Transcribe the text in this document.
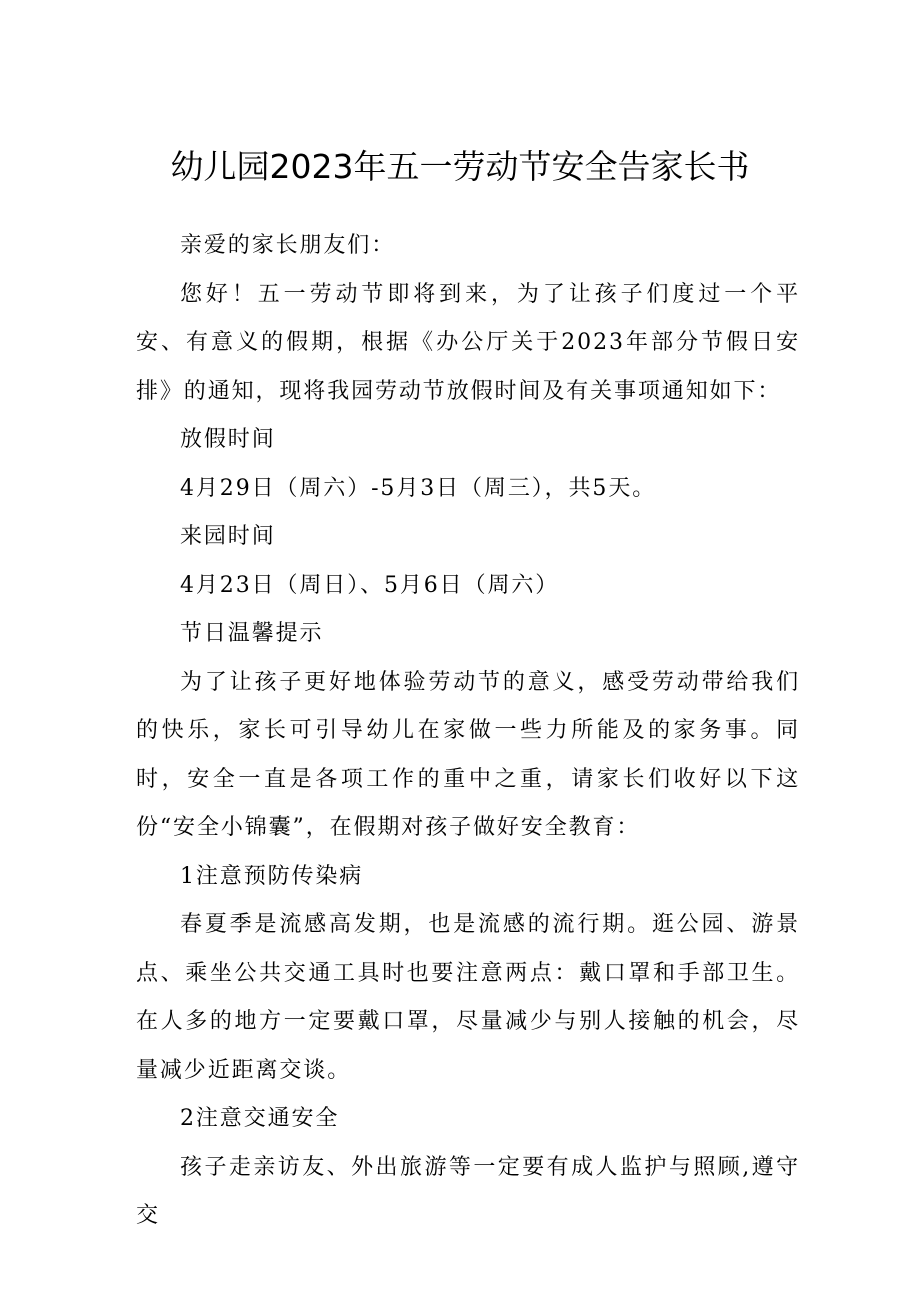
幼儿园2023年五一劳动节安全告家长书

亲爱的家长朋友们：

您好！五一劳动节即将到来，为了让孩子们度过一个平安、有意义的假期，根据《办公厅关于2023年部分节假日安排》的通知，现将我园劳动节放假时间及有关事项通知如下：

放假时间

4月29日（周六）-5月3日（周三），共5天。

来园时间

4月23日（周日）、5月6日（周六）

节日温馨提示

为了让孩子更好地体验劳动节的意义，感受劳动带给我们的快乐，家长可引导幼儿在家做一些力所能及的家务事。同时，安全一直是各项工作的重中之重，请家长们收好以下这份“安全小锦囊”，在假期对孩子做好安全教育：

1注意预防传染病

春夏季是流感高发期，也是流感的流行期。逛公园、游景点、乘坐公共交通工具时也要注意两点：戴口罩和手部卫生。在人多的地方一定要戴口罩，尽量减少与别人接触的机会，尽量减少近距离交谈。

2注意交通安全

孩子走亲访友、外出旅游等一定要有成人监护与照顾,遵守交
